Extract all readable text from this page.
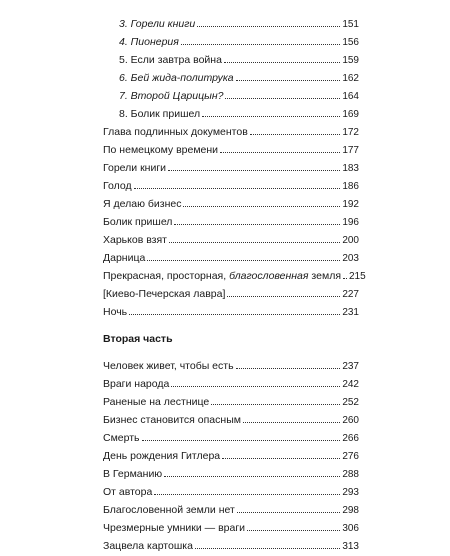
3. Горели книги	151
4. Пионерия	156
5. Если завтра война	159
6. Бей жида-политрука	162
7. Второй Царицын?	164
8. Болик пришел	169
Глава подлинных документов	172
По немецкому времени	177
Горели книги	183
Голод	186
Я делаю бизнес	192
Болик пришел	196
Харьков взят	200
Дарница	203
Прекрасная, просторная, благословенная земля 215
[Киево-Печерская лавра]	227
Ночь	231
Вторая часть
Человек живет, чтобы есть	237
Враги народа	242
Раненые на лестнице	252
Бизнес становится опасным	260
Смерть	266
День рождения Гитлера	276
В Германию	288
От автора	293
Благословенной земли нет	298
Чрезмерные умники — враги	306
Зацвела картошка	313
